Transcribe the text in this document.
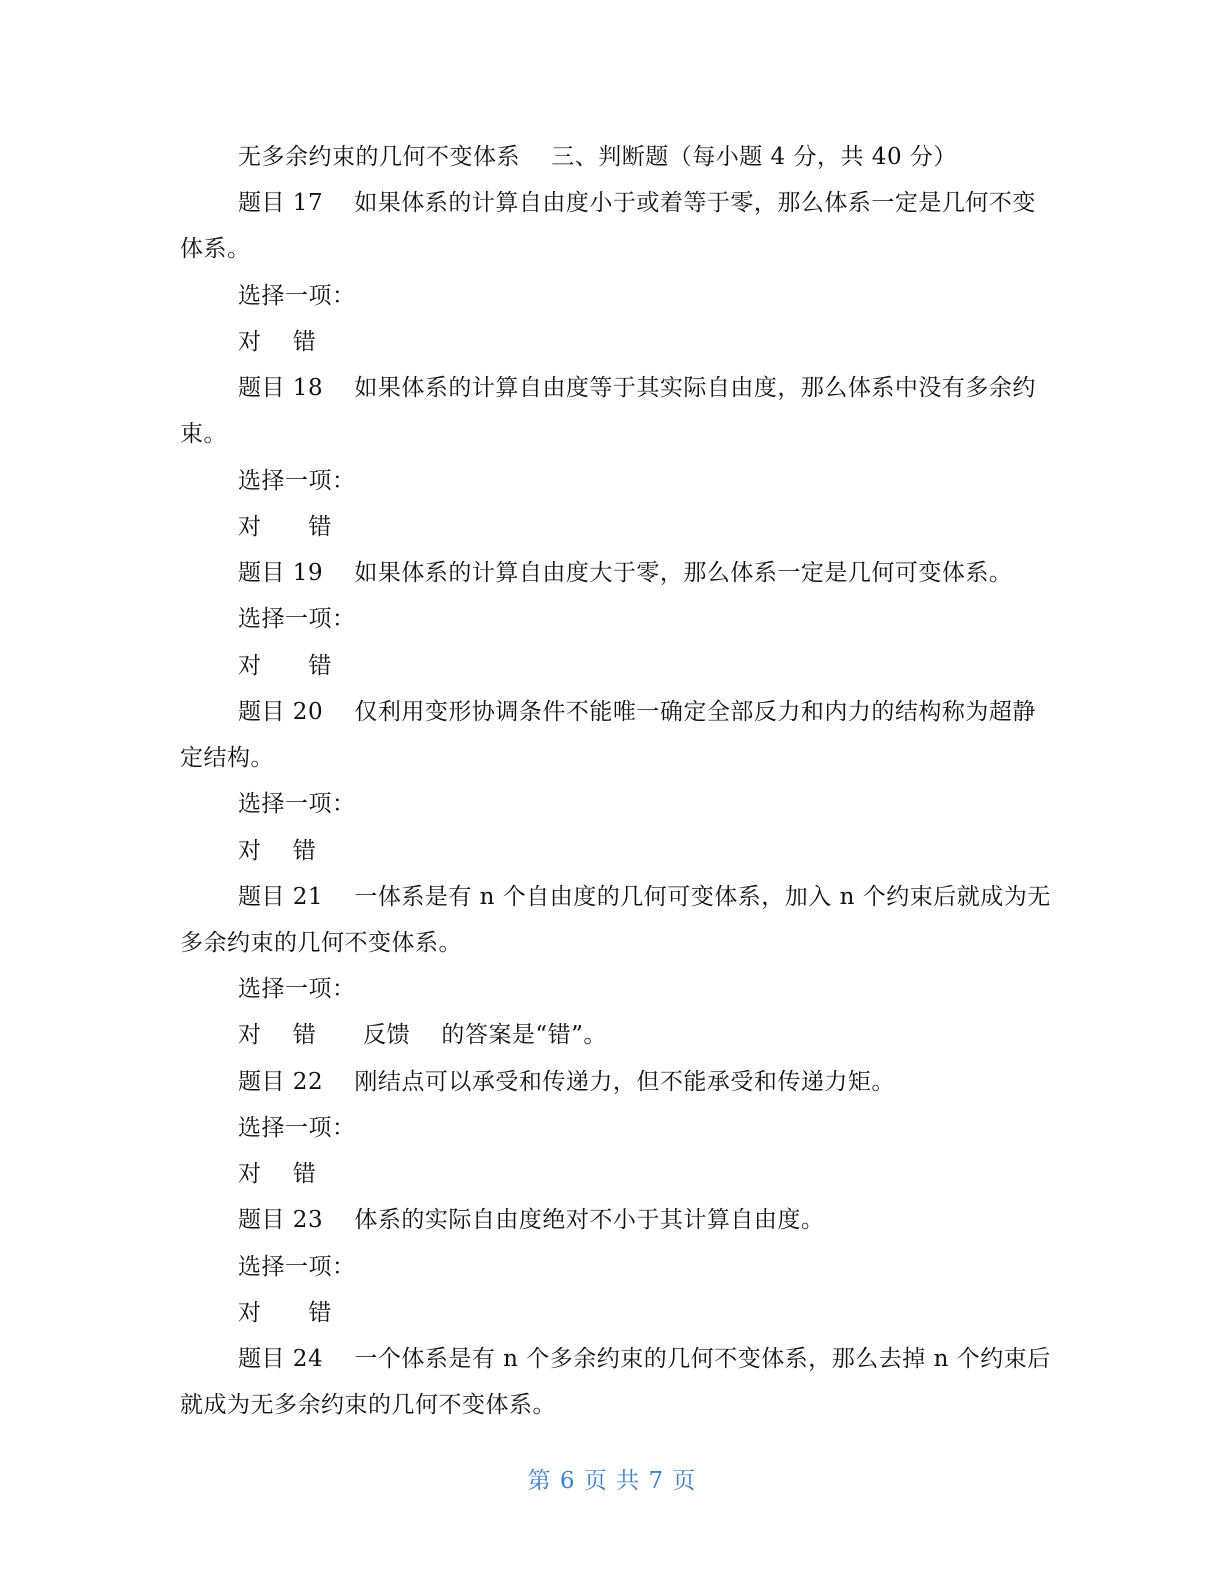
无多余约束的几何不变体系    三、判断题（每小题 4 分，共 40 分）
题目 17    如果体系的计算自由度小于或着等于零，那么体系一定是几何不变
体系。
选择一项：
对    错
题目 18    如果体系的计算自由度等于其实际自由度，那么体系中没有多余约
束。
选择一项：
对      错
题目 19    如果体系的计算自由度大于零，那么体系一定是几何可变体系。
选择一项：
对      错
题目 20    仅利用变形协调条件不能唯一确定全部反力和内力的结构称为超静
定结构。
选择一项：
对    错
题目 21    一体系是有 n 个自由度的几何可变体系，加入 n 个约束后就成为无
多余约束的几何不变体系。
选择一项：
对    错      反馈    的答案是“错”。
题目 22    刚结点可以承受和传递力，但不能承受和传递力矩。
选择一项：
对    错
题目 23    体系的实际自由度绝对不小于其计算自由度。
选择一项：
对      错
题目 24    一个体系是有 n 个多余约束的几何不变体系，那么去掉 n 个约束后
就成为无多余约束的几何不变体系。
第 6 页 共 7 页
